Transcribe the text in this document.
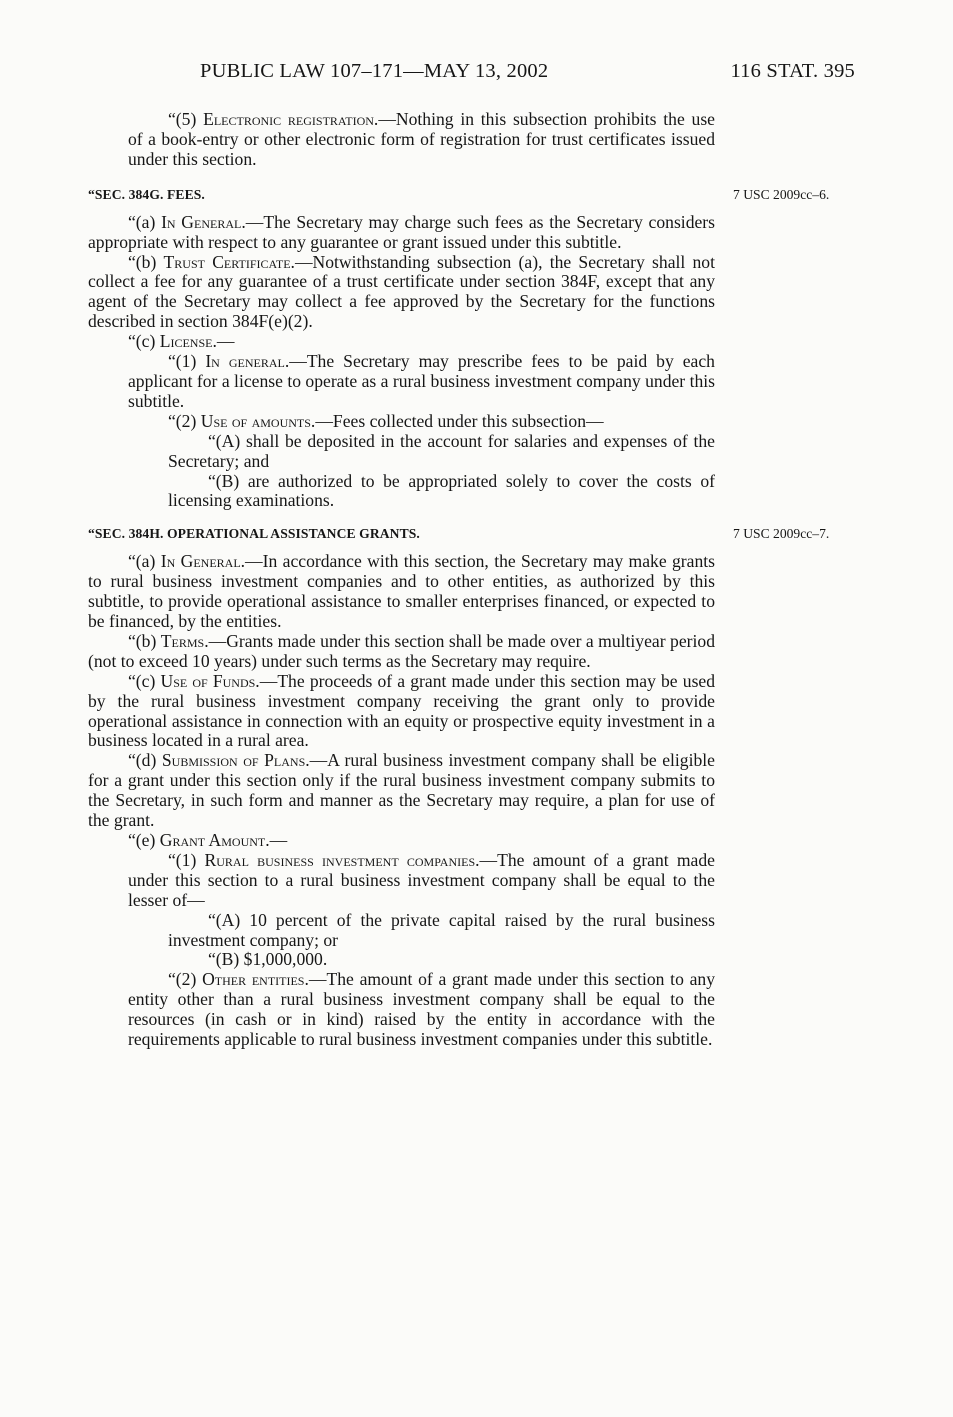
PUBLIC LAW 107–171—MAY 13, 2002	116 STAT. 395

“(5) Electronic registration.—Nothing in this subsection prohibits the use of a book-entry or other electronic form of registration for trust certificates issued under this section.

“SEC. 384G. FEES.	7 USC 2009cc–6.

“(a) In General.—The Secretary may charge such fees as the Secretary considers appropriate with respect to any guarantee or grant issued under this subtitle.

“(b) Trust Certificate.—Notwithstanding subsection (a), the Secretary shall not collect a fee for any guarantee of a trust certificate under section 384F, except that any agent of the Secretary may collect a fee approved by the Secretary for the functions described in section 384F(e)(2).

“(c) License.—

“(1) In general.—The Secretary may prescribe fees to be paid by each applicant for a license to operate as a rural business investment company under this subtitle.

“(2) Use of amounts.—Fees collected under this subsection—

“(A) shall be deposited in the account for salaries and expenses of the Secretary; and

“(B) are authorized to be appropriated solely to cover the costs of licensing examinations.

“SEC. 384H. OPERATIONAL ASSISTANCE GRANTS.	7 USC 2009cc–7.

“(a) In General.—In accordance with this section, the Secretary may make grants to rural business investment companies and to other entities, as authorized by this subtitle, to provide operational assistance to smaller enterprises financed, or expected to be financed, by the entities.

“(b) Terms.—Grants made under this section shall be made over a multiyear period (not to exceed 10 years) under such terms as the Secretary may require.

“(c) Use of Funds.—The proceeds of a grant made under this section may be used by the rural business investment company receiving the grant only to provide operational assistance in connection with an equity or prospective equity investment in a business located in a rural area.

“(d) Submission of Plans.—A rural business investment company shall be eligible for a grant under this section only if the rural business investment company submits to the Secretary, in such form and manner as the Secretary may require, a plan for use of the grant.

“(e) Grant Amount.—

“(1) Rural business investment companies.—The amount of a grant made under this section to a rural business investment company shall be equal to the lesser of—

“(A) 10 percent of the private capital raised by the rural business investment company; or

“(B) $1,000,000.

“(2) Other entities.—The amount of a grant made under this section to any entity other than a rural business investment company shall be equal to the resources (in cash or in kind) raised by the entity in accordance with the requirements applicable to rural business investment companies under this subtitle.
